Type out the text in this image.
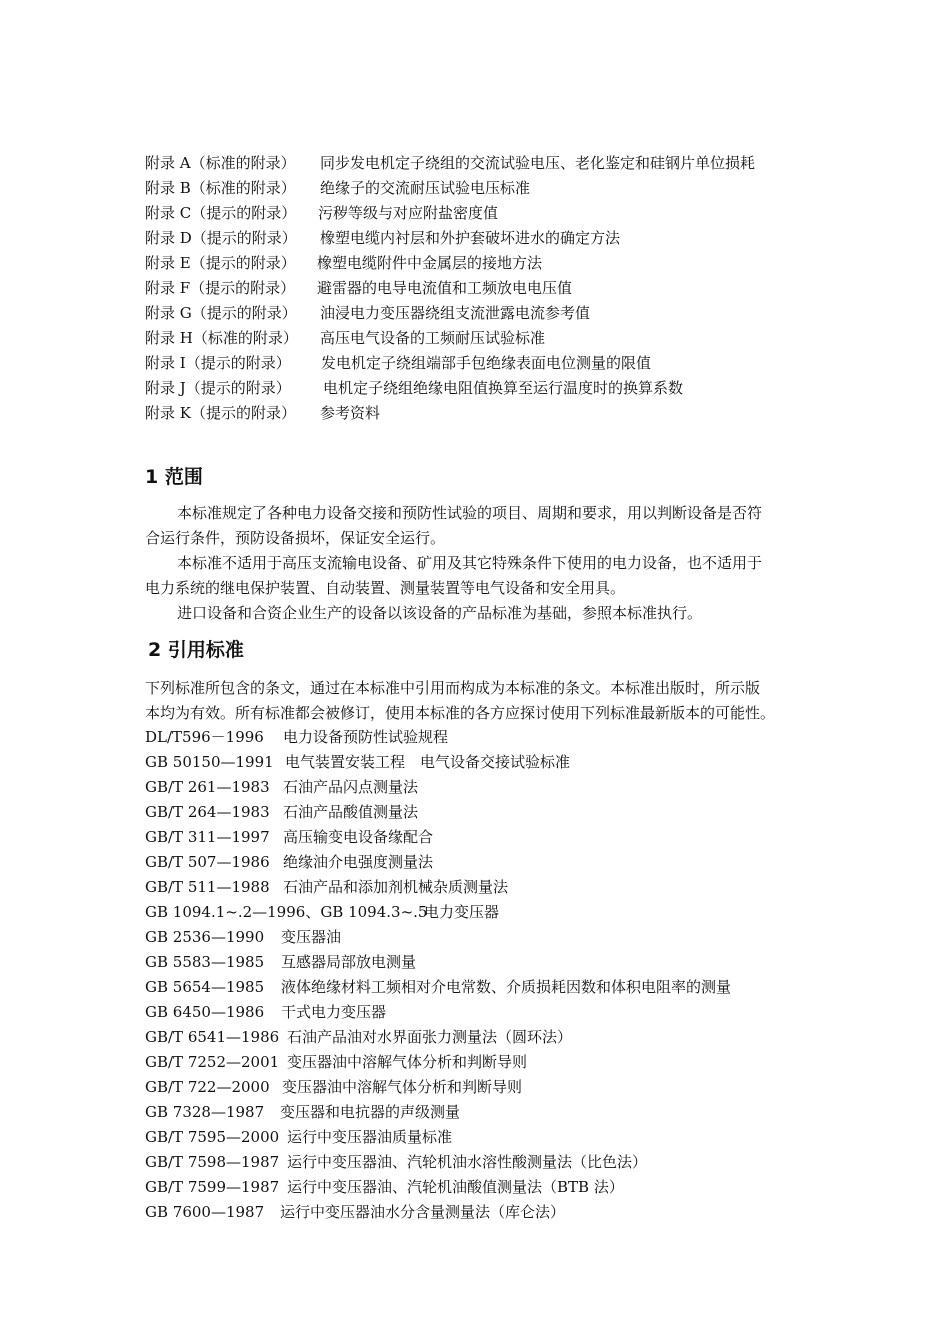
附录 A（标准的附录） 同步发电机定子绕组的交流试验电压、老化鉴定和硅钢片单位损耗
附录 B（标准的附录） 绝缘子的交流耐压试验电压标准
附录 C（提示的附录） 污秽等级与对应附盐密度值
附录 D（提示的附录） 橡塑电缆内衬层和外护套破坏进水的确定方法
附录 E（提示的附录） 橡塑电缆附件中金属层的接地方法
附录 F（提示的附录） 避雷器的电导电流值和工频放电电压值
附录 G（提示的附录） 油浸电力变压器绕组支流泄露电流参考值
附录 H（标准的附录） 高压电气设备的工频耐压试验标准
附录 I（提示的附录） 发电机定子绕组端部手包绝缘表面电位测量的限值
附录 J（提示的附录） 电机定子绕组绝缘电阻值换算至运行温度时的换算系数
附录 K（提示的附录） 参考资料
1 范围
本标准规定了各种电力设备交接和预防性试验的项目、周期和要求，用以判断设备是否符
合运行条件，预防设备损坏，保证安全运行。
本标准不适用于高压支流输电设备、矿用及其它特殊条件下使用的电力设备，也不适用于
电力系统的继电保护装置、自动装置、测量装置等电气设备和安全用具。
进口设备和合资企业生产的设备以该设备的产品标准为基础，参照本标准执行。
2 引用标准
下列标准所包含的条文，通过在本标准中引用而构成为本标准的条文。本标准出版时，所示版
本均为有效。所有标准都会被修订，使用本标准的各方应探讨使用下列标准最新版本的可能性。
DL/T596－1996 电力设备预防性试验规程
GB 50150—1991 电气装置安装工程　电气设备交接试验标准
GB/T 261—1983 石油产品闪点测量法
GB/T 264—1983 石油产品酸值测量法
GB/T 311—1997 高压输变电设备缘配合
GB/T 507—1986 绝缘油介电强度测量法
GB/T 511—1988 石油产品和添加剂机械杂质测量法
GB 1094.1~.2—1996、GB 1094.3~.5电力变压器
GB 2536—1990 变压器油
GB 5583—1985 互感器局部放电测量
GB 5654—1985 液体绝缘材料工频相对介电常数、介质损耗因数和体积电阻率的测量
GB 6450—1986 干式电力变压器
GB/T 6541—1986 石油产品油对水界面张力测量法（圆环法）
GB/T 7252—2001 变压器油中溶解气体分析和判断导则
GB/T 722—2000 变压器油中溶解气体分析和判断导则
GB 7328—1987 变压器和电抗器的声级测量
GB/T 7595—2000 运行中变压器油质量标准
GB/T 7598—1987 运行中变压器油、汽轮机油水溶性酸测量法（比色法）
GB/T 7599—1987 运行中变压器油、汽轮机油酸值测量法（BTB 法）
GB 7600—1987 运行中变压器油水分含量测量法（库仑法）
